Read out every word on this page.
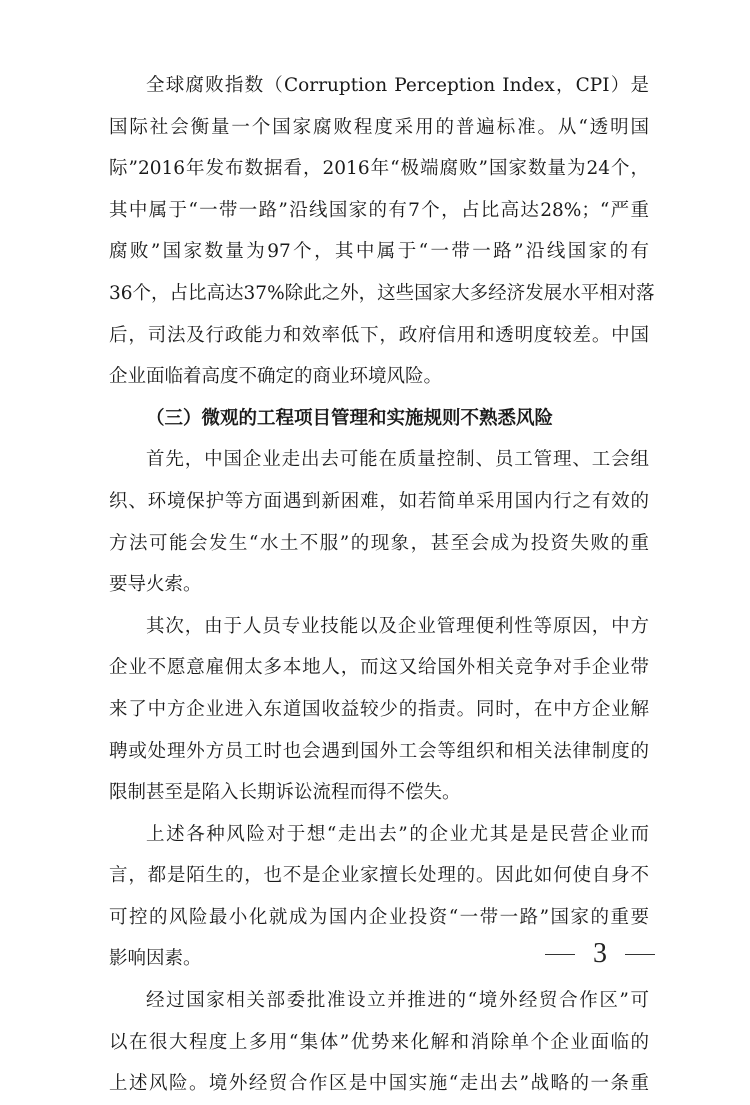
全球腐败指数（Corruption Perception Index，CPI）是
国际社会衡量一个国家腐败程度采用的普遍标准。从“透明国
际”2016年发布数据看，2016年“极端腐败”国家数量为24个，
其中属于“一带一路”沿线国家的有7个，占比高达28%；“严重
腐败”国家数量为97个，其中属于“一带一路”沿线国家的有
36个，占比高达37%除此之外，这些国家大多经济发展水平相对落
后，司法及行政能力和效率低下，政府信用和透明度较差。中国
企业面临着高度不确定的商业环境风险。
（三）微观的工程项目管理和实施规则不熟悉风险
首先，中国企业走出去可能在质量控制、员工管理、工会组
织、环境保护等方面遇到新困难，如若简单采用国内行之有效的
方法可能会发生“水土不服”的现象，甚至会成为投资失败的重
要导火索。
其次，由于人员专业技能以及企业管理便利性等原因，中方
企业不愿意雇佣太多本地人，而这又给国外相关竞争对手企业带
来了中方企业进入东道国收益较少的指责。同时，在中方企业解
聘或处理外方员工时也会遇到国外工会等组织和相关法律制度的
限制甚至是陷入长期诉讼流程而得不偿失。
上述各种风险对于想“走出去”的企业尤其是是民营企业而
言，都是陌生的，也不是企业家擅长处理的。因此如何使自身不
可控的风险最小化就成为国内企业投资“一带一路”国家的重要
影响因素。
经过国家相关部委批准设立并推进的“境外经贸合作区”可
以在很大程度上多用“集体”优势来化解和消除单个企业面临的
上述风险。境外经贸合作区是中国实施“走出去”战略的一条重
3
